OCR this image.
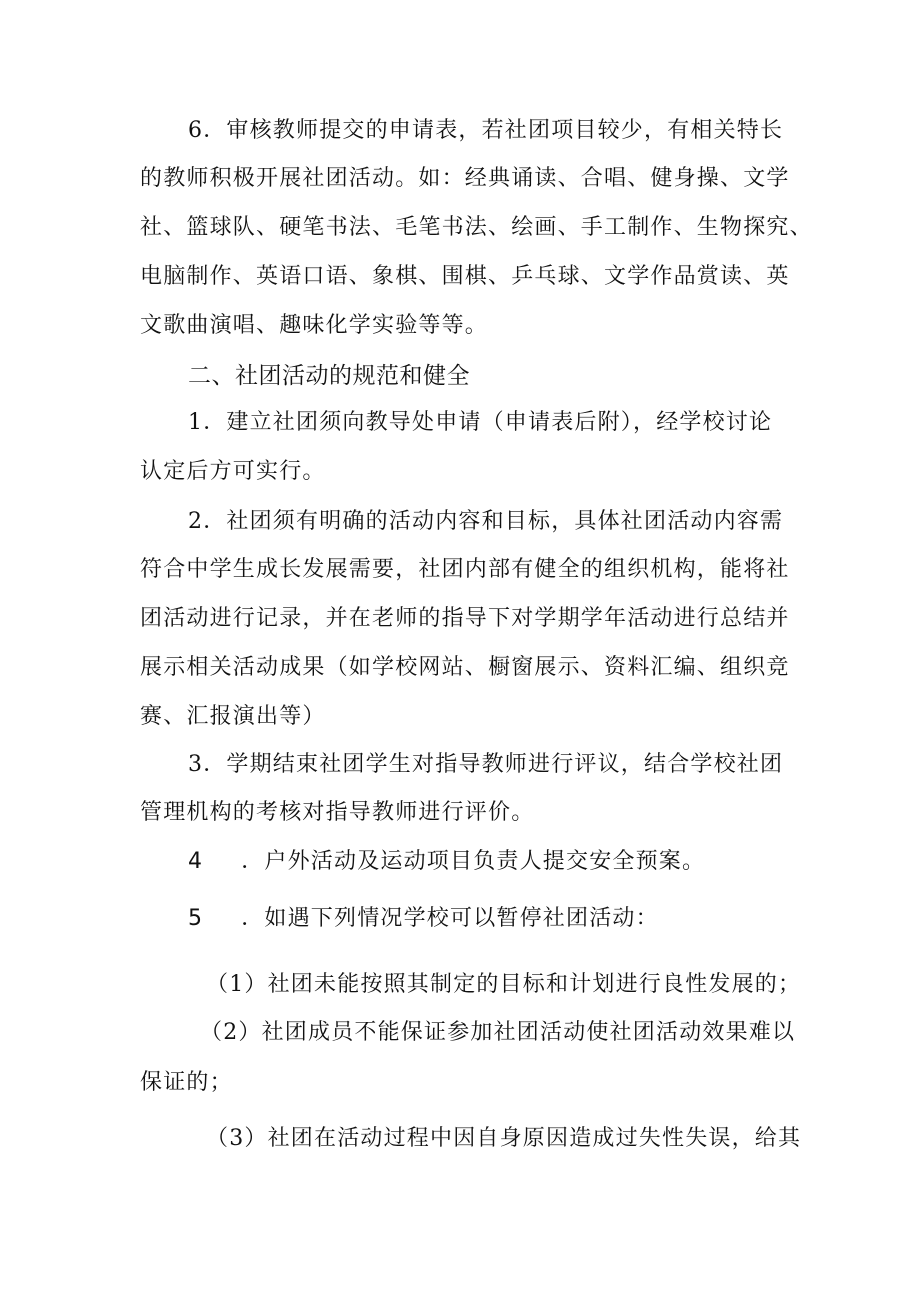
6．审核教师提交的申请表，若社团项目较少，有相关特长
的教师积极开展社团活动。如：经典诵读、合唱、健身操、文学
社、篮球队、硬笔书法、毛笔书法、绘画、手工制作、生物探究、
电脑制作、英语口语、象棋、围棋、乒乓球、文学作品赏读、英
文歌曲演唱、趣味化学实验等等。
二、社团活动的规范和健全
1．建立社团须向教导处申请（申请表后附），经学校讨论
认定后方可实行。
2．社团须有明确的活动内容和目标，具体社团活动内容需
符合中学生成长发展需要，社团内部有健全的组织机构，能将社
团活动进行记录，并在老师的指导下对学期学年活动进行总结并
展示相关活动成果（如学校网站、橱窗展示、资料汇编、组织竞
赛、汇报演出等）
3．学期结束社团学生对指导教师进行评议，结合学校社团
管理机构的考核对指导教师进行评价。
4 ．户外活动及运动项目负责人提交安全预案。
5 ．如遇下列情况学校可以暂停社团活动：
（1）社团未能按照其制定的目标和计划进行良性发展的；
（2）社团成员不能保证参加社团活动使社团活动效果难以
保证的；
（3）社团在活动过程中因自身原因造成过失性失误，给其
